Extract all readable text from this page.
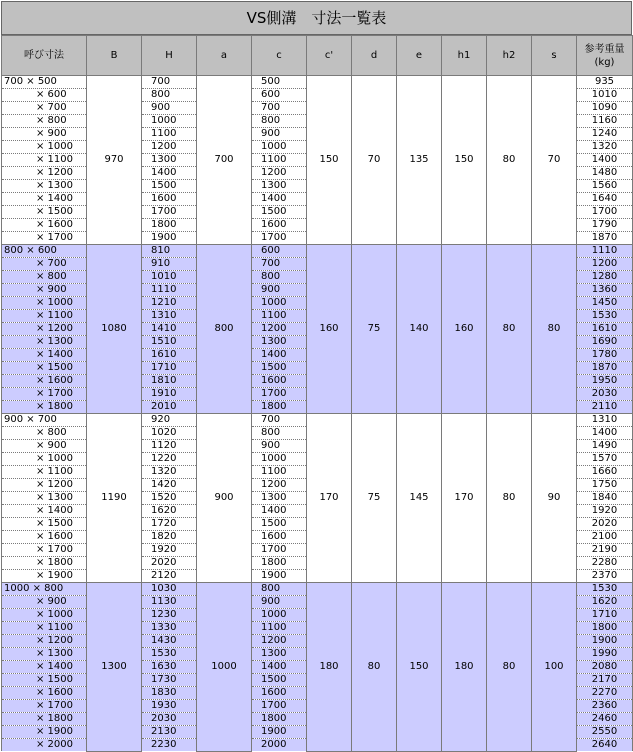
VS側溝　寸法一覧表
呼び寸法	B	H	a	c	c'	d	e	h1	h2	s	参考重量
(kg)
700 × 500	970	700	700	500	150	70	135	150	80	70	935
× 600		800		600							1010
× 700		900		700							1090
× 800		1000		800							1160
× 900		1100		900							1240
× 1000		1200		1000							1320
× 1100		1300		1100							1400
× 1200		1400		1200							1480
× 1300		1500		1300							1560
× 1400		1600		1400							1640
× 1500		1700		1500							1700
× 1600		1800		1600							1790
× 1700		1900		1700							1870
800 × 600	1080	810	800	600	160	75	140	160	80	80	1110
× 700		910		700							1200
× 800		1010		800							1280
× 900		1110		900							1360
× 1000		1210		1000							1450
× 1100		1310		1100							1530
× 1200		1410		1200							1610
× 1300		1510		1300							1690
× 1400		1610		1400							1780
× 1500		1710		1500							1870
× 1600		1810		1600							1950
× 1700		1910		1700							2030
× 1800		2010		1800							2110
900 × 700	1190	920	900	700	170	75	145	170	80	90	1310
× 800		1020		800							1400
× 900		1120		900							1490
× 1000		1220		1000							1570
× 1100		1320		1100							1660
× 1200		1420		1200							1750
× 1300		1520		1300							1840
× 1400		1620		1400							1920
× 1500		1720		1500							2020
× 1600		1820		1600							2100
× 1700		1920		1700							2190
× 1800		2020		1800							2280
× 1900		2120		1900							2370
1000 × 800	1300	1030	1000	800	180	80	150	180	80	100	1530
× 900		1130		900							1620
× 1000		1230		1000							1710
× 1100		1330		1100							1800
× 1200		1430		1200							1900
× 1300		1530		1300							1990
× 1400		1630		1400							2080
× 1500		1730		1500							2170
× 1600		1830		1600							2270
× 1700		1930		1700							2360
× 1800		2030		1800							2460
× 1900		2130		1900							2550
× 2000		2230		2000							2640
